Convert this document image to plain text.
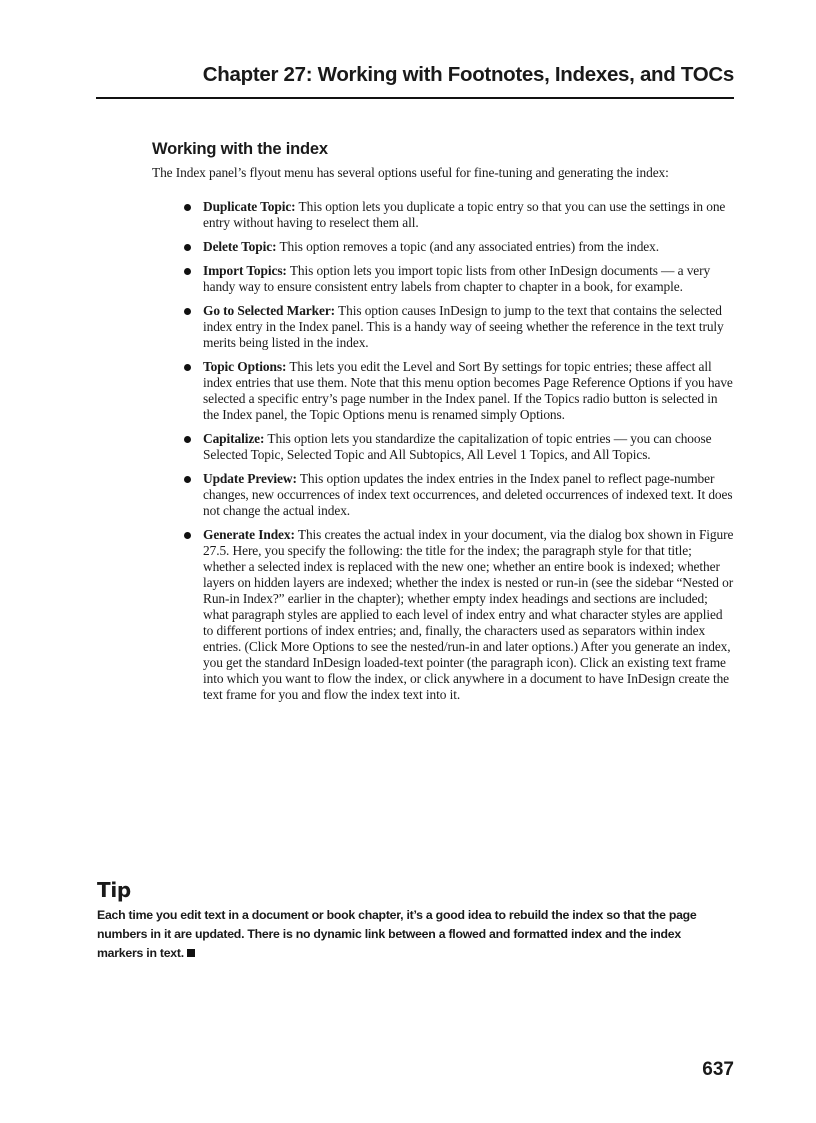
Chapter 27: Working with Footnotes, Indexes, and TOCs
Working with the index

The Index panel’s flyout menu has several options useful for fine-tuning and generating the index:

Duplicate Topic: This option lets you duplicate a topic entry so that you can use the settings in one entry without having to reselect them all.
Delete Topic: This option removes a topic (and any associated entries) from the index.
Import Topics: This option lets you import topic lists from other InDesign documents — a very handy way to ensure consistent entry labels from chapter to chapter in a book, for example.
Go to Selected Marker: This option causes InDesign to jump to the text that contains the selected index entry in the Index panel. This is a handy way of seeing whether the reference in the text truly merits being listed in the index.
Topic Options: This lets you edit the Level and Sort By settings for topic entries; these affect all index entries that use them. Note that this menu option becomes Page Reference Options if you have selected a specific entry’s page number in the Index panel. If the Topics radio button is selected in the Index panel, the Topic Options menu is renamed simply Options.
Capitalize: This option lets you standardize the capitalization of topic entries — you can choose Selected Topic, Selected Topic and All Subtopics, All Level 1 Topics, and All Topics.
Update Preview: This option updates the index entries in the Index panel to reflect page-number changes, new occurrences of index text occurrences, and deleted occurrences of indexed text. It does not change the actual index.
Generate Index: This creates the actual index in your document, via the dialog box shown in Figure 27.5. Here, you specify the following: the title for the index; the paragraph style for that title; whether a selected index is replaced with the new one; whether an entire book is indexed; whether layers on hidden layers are indexed; whether the index is nested or run-in (see the sidebar “Nested or Run-in Index?” earlier in the chapter); whether empty index headings and sections are included; what paragraph styles are applied to each level of index entry and what character styles are applied to different portions of index entries; and, finally, the characters used as separators within index entries. (Click More Options to see the nested/run-in and later options.) After you generate an index, you get the standard InDesign loaded-text pointer (the paragraph icon). Click an existing text frame into which you want to flow the index, or click anywhere in a document to have InDesign create the text frame for you and flow the index text into it.
Tip
Each time you edit text in a document or book chapter, it’s a good idea to rebuild the index so that the page numbers in it are updated. There is no dynamic link between a flowed and formatted index and the index markers in text.
637
